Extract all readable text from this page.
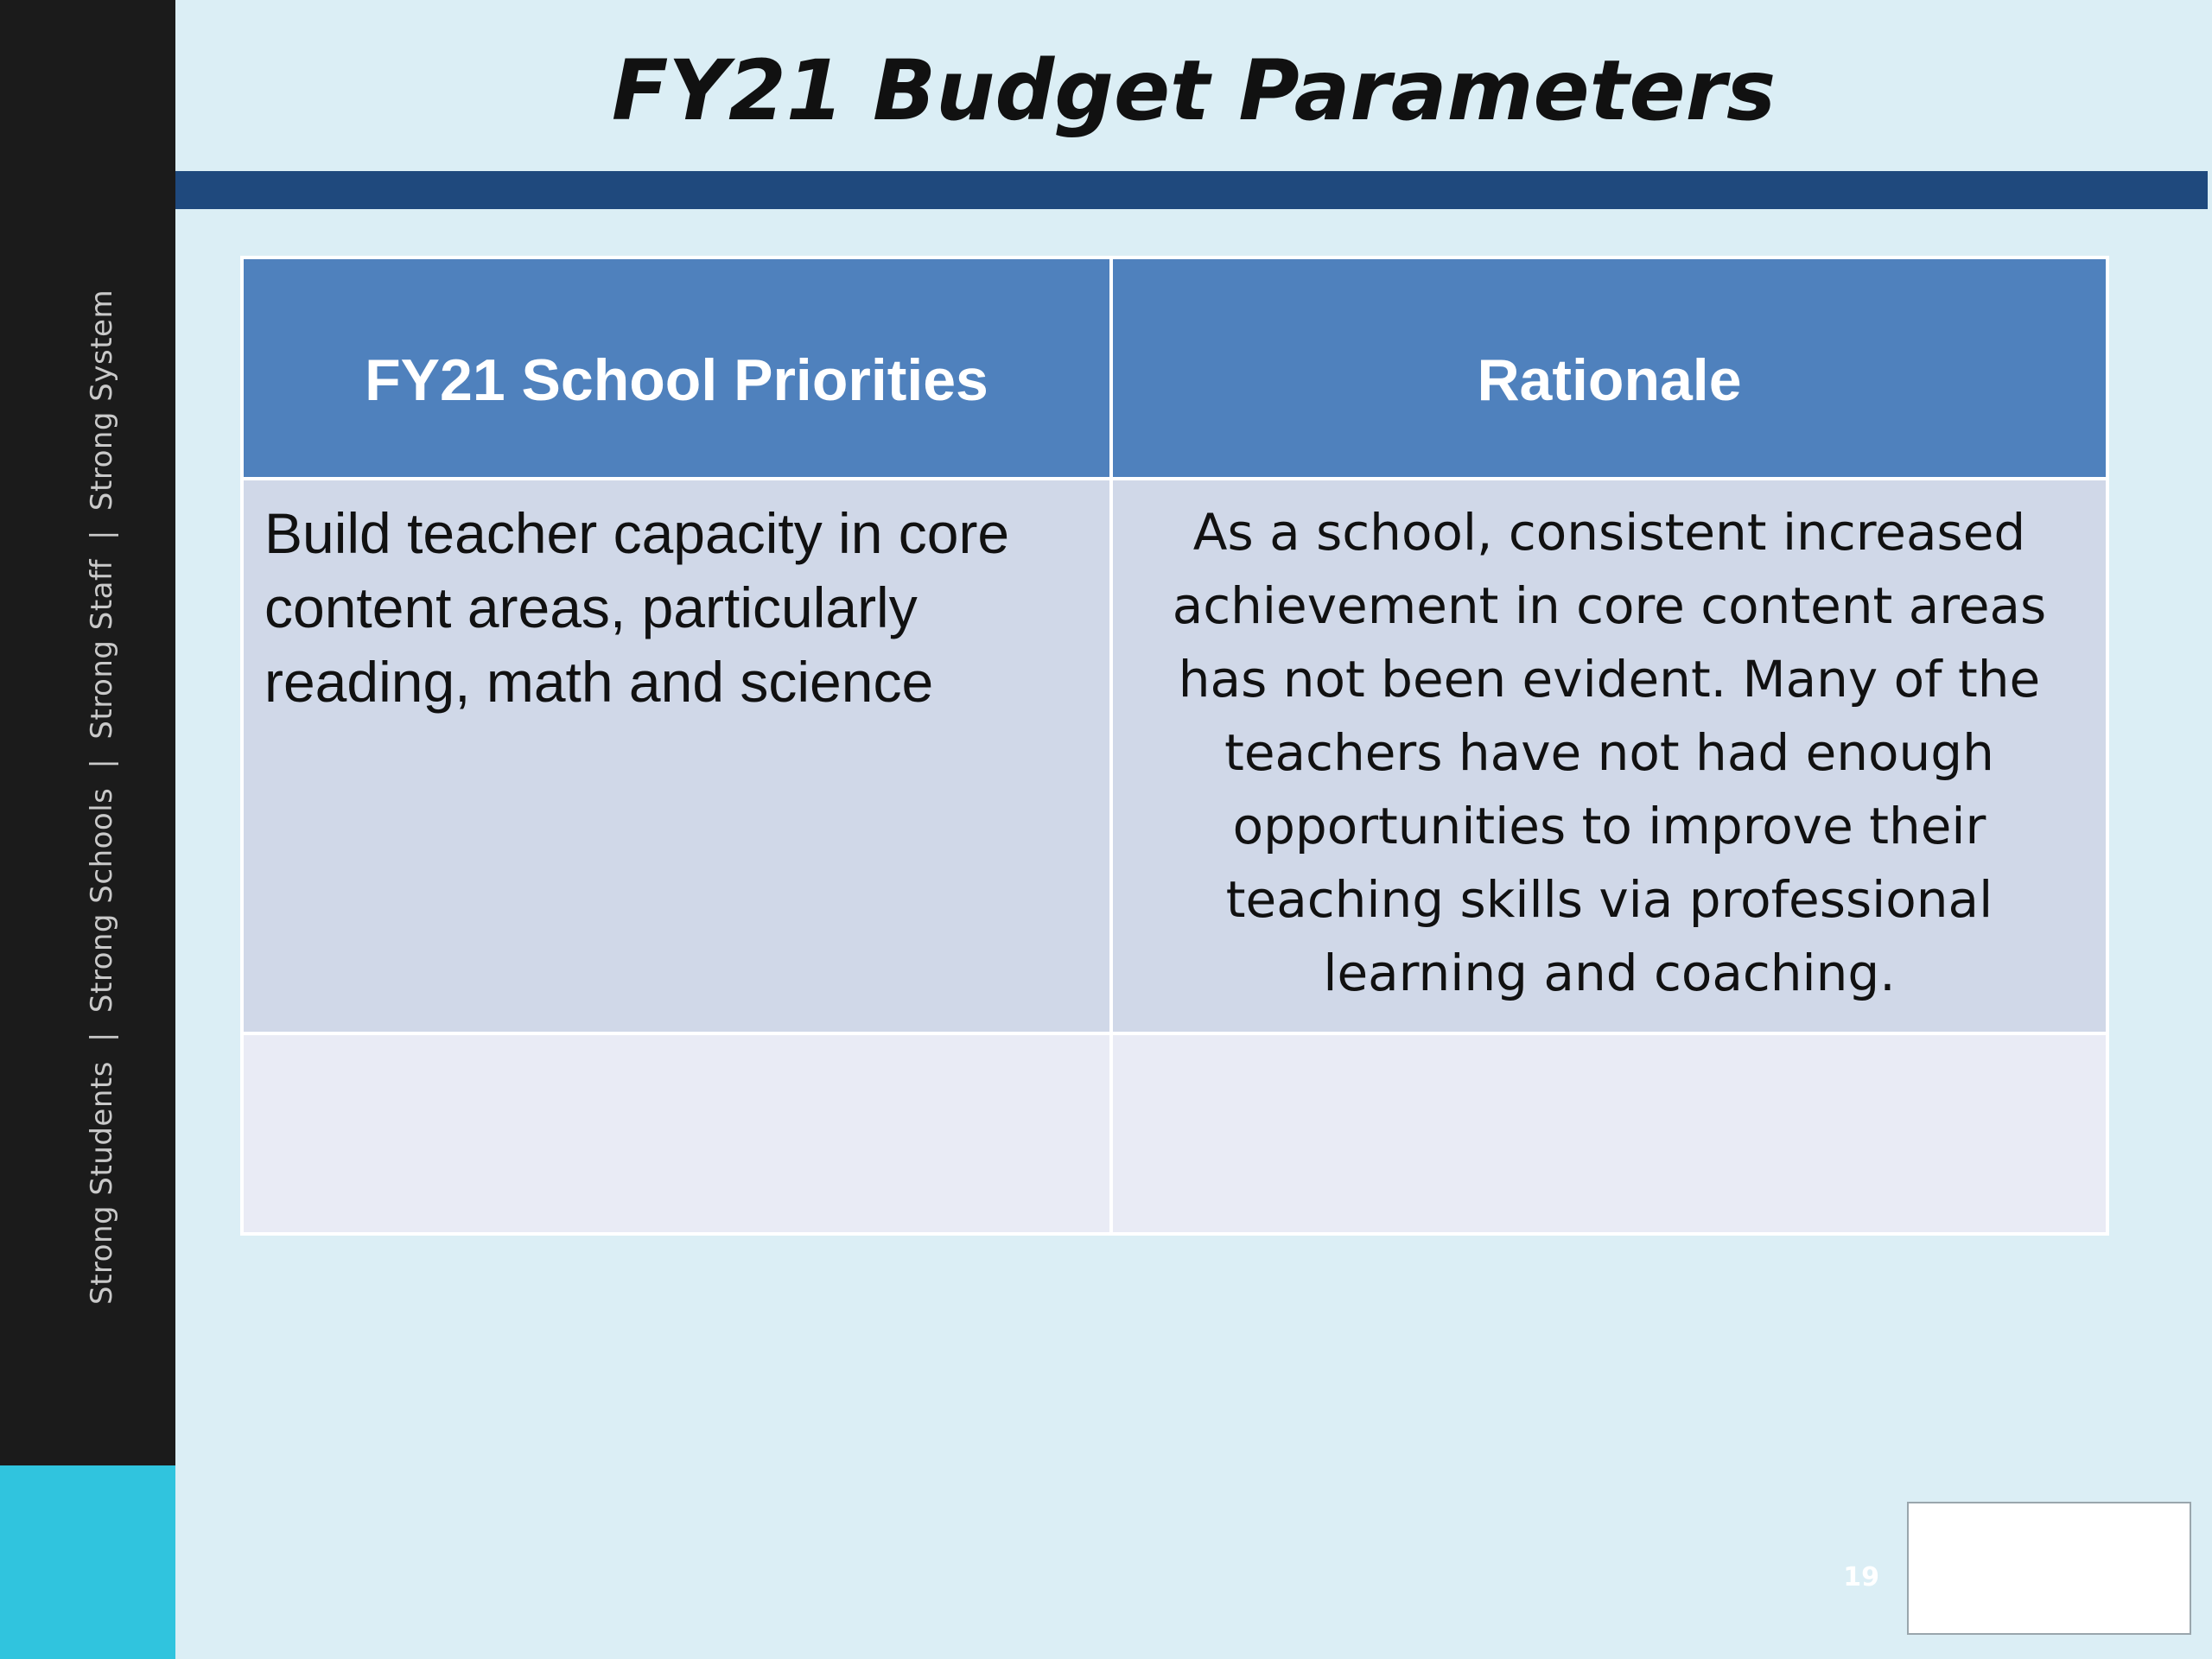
Strong Students
|
Strong Schools
|
Strong Staff
|
Strong System
FY21 Budget Parameters
FY21 School Priorities	Rationale
Build teacher capacity in core content areas, particularly reading, math and science	As a school, consistent increased achievement in core content areas has not been evident. Many of the teachers have not had enough opportunities to improve their teaching skills via professional learning and coaching.

19
